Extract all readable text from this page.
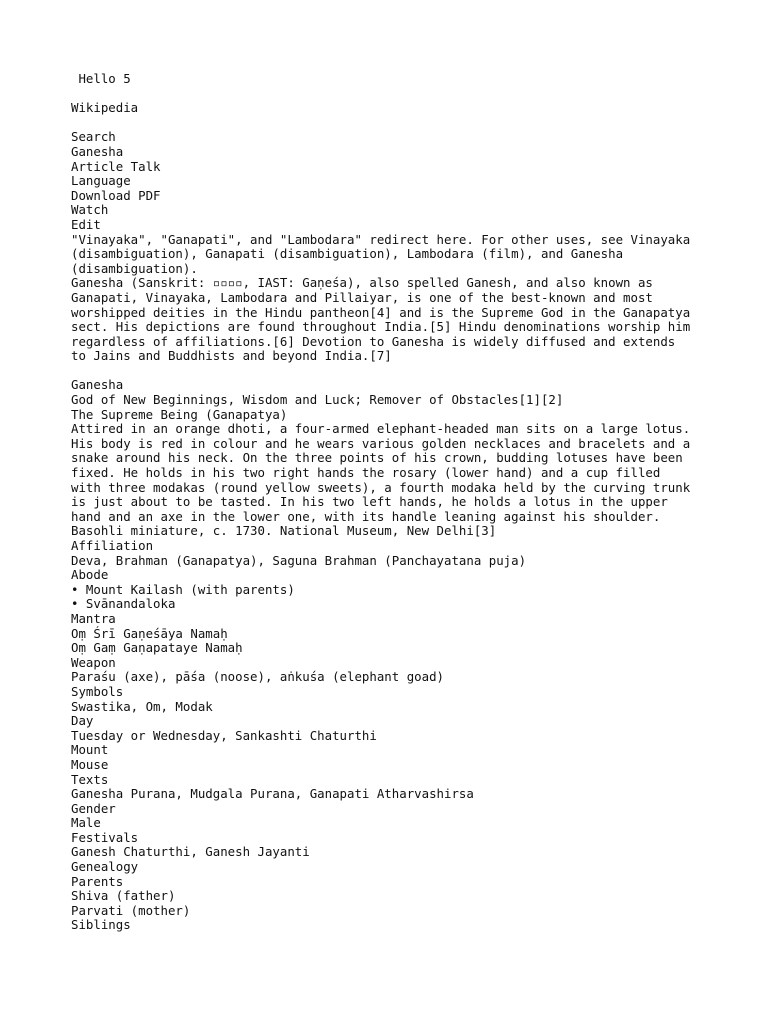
Hello 5
Wikipedia
Search
Ganesha
Article Talk
Language
Download PDF
Watch
Edit
"Vinayaka", "Ganapati", and "Lambodara" redirect here. For other uses, see Vinayaka
(disambiguation), Ganapati (disambiguation), Lambodara (film), and Ganesha
(disambiguation).
Ganesha (Sanskrit: ▫▫▫▫, IAST: Gaṇeśa), also spelled Ganesh, and also known as
Ganapati, Vinayaka, Lambodara and Pillaiyar, is one of the best-known and most
worshipped deities in the Hindu pantheon[4] and is the Supreme God in the Ganapatya
sect. His depictions are found throughout India.[5] Hindu denominations worship him
regardless of affiliations.[6] Devotion to Ganesha is widely diffused and extends
to Jains and Buddhists and beyond India.[7]
Ganesha
God of New Beginnings, Wisdom and Luck; Remover of Obstacles[1][2]
The Supreme Being (Ganapatya)
Attired in an orange dhoti, a four-armed elephant-headed man sits on a large lotus.
His body is red in colour and he wears various golden necklaces and bracelets and a
snake around his neck. On the three points of his crown, budding lotuses have been
fixed. He holds in his two right hands the rosary (lower hand) and a cup filled
with three modakas (round yellow sweets), a fourth modaka held by the curving trunk
is just about to be tasted. In his two left hands, he holds a lotus in the upper
hand and an axe in the lower one, with its handle leaning against his shoulder.
Basohli miniature, c. 1730. National Museum, New Delhi[3]
Affiliation
Deva, Brahman (Ganapatya), Saguna Brahman (Panchayatana puja)
Abode
• Mount Kailash (with parents)
• Svānandaloka
Mantra
Oṃ Śrī Gaṇeśāya Namaḥ
Oṃ Gaṃ Gaṇapataye Namaḥ
Weapon
Paraśu (axe), pāśa (noose), aṅkuśa (elephant goad)
Symbols
Swastika, Om, Modak
Day
Tuesday or Wednesday, Sankashti Chaturthi
Mount
Mouse
Texts
Ganesha Purana, Mudgala Purana, Ganapati Atharvashirsa
Gender
Male
Festivals
Ganesh Chaturthi, Ganesh Jayanti
Genealogy
Parents
Shiva (father)
Parvati (mother)
Siblings
